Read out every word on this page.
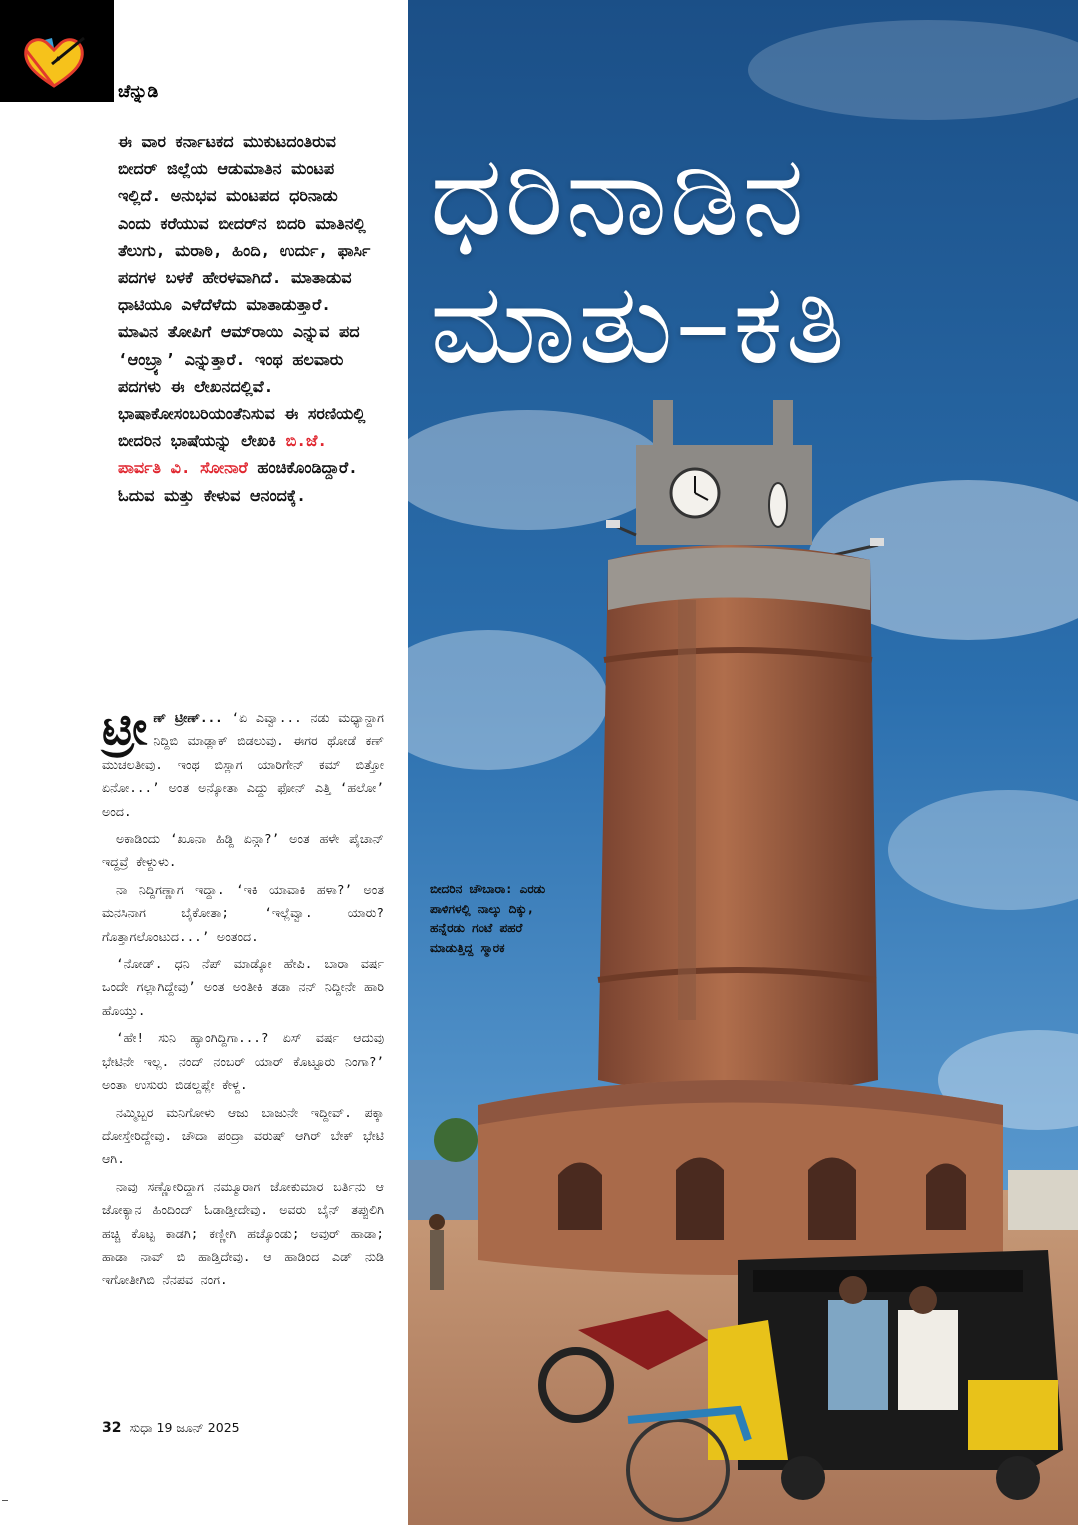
ಚೆನ್ನುಡಿ

ಈ ವಾರ ಕರ್ನಾಟಕದ ಮುಕುಟದಂತಿರುವ ಬೀದರ್ ಜಿಲ್ಲೆಯ ಆಡುಮಾತಿನ ಮಂಟಪ ಇಲ್ಲಿದೆ. ಅನುಭವ ಮಂಟಪದ ಧರಿನಾಡು ಎಂದು ಕರೆಯುವ ಬೀದರ್‌ನ ಬಿದರಿ ಮಾತಿನಲ್ಲಿ ತೆಲುಗು, ಮರಾಠಿ, ಹಿಂದಿ, ಉರ್ದು, ಫಾರ್ಸಿ ಪದಗಳ ಬಳಕೆ ಹೇರಳವಾಗಿದೆ. ಮಾತಾಡುವ ಧಾಟಿಯೂ ಎಳೆದೆಳೆದು ಮಾತಾಡುತ್ತಾರೆ. ಮಾವಿನ ತೋಪಿಗೆ ಆಮ್‌ರಾಯಿ ಎನ್ನುವ ಪದ ‘ಆಂಬ್ರ್ಯಾ’ ಎನ್ನುತ್ತಾರೆ. ಇಂಥ ಹಲವಾರು ಪದಗಳು ಈ ಲೇಖನದಲ್ಲಿವೆ. ಭಾಷಾಕೋಸಂಬರಿಯಂತೆನಿಸುವ ಈ ಸರಣಿಯಲ್ಲಿ ಬೀದರಿನ ಭಾಷೆಯನ್ನು ಲೇಖಕಿ ಬಿ.ಜೆ. ಪಾರ್ವತಿ ವಿ. ಸೋನಾರೆ ಹಂಚಿಕೊಂಡಿದ್ದಾರೆ. ಓದುವ ಮತ್ತು ಕೇಳುವ ಆನಂದಕ್ಕೆ.

ಟ್ರೀ ಣ್ ಟ್ರೀಣ್... ‘ಏ ಎವ್ವಾ... ನಡು ಮಧ್ಯಾನ್ದಾಗ ನಿದ್ದಿಬಿ ಮಾಡ್ಲಾಕ್ ಬಿಡಲುವು. ಈಗರ ಥೋಡೆ ಕಣ್ ಮುಚಲತೀವು. ಇಂಥ ಬಿಸ್ಲಾಗ ಯಾರಿಗೇನ್ ಕಮ್ ಬಿತ್ತೋ ಏನೋ...’ ಅಂತ ಅನ್ಕೋತಾ ಎದ್ದು ಫೋನ್ ಎತ್ತಿ ‘ಹಲೋ’ ಅಂದ.

ಅಕಾಡಿಂದು ‘ಖೂನಾ ಹಿಡ್ದಿ ಏನ್ಗಾ?’ ಅಂತ ಹಳೇ ಪೈಚಾನ್ ಇದ್ದವ್ರೆ ಕೇಳ್ದುಳು.

ನಾ ನಿದ್ದಿಗಣ್ಣಾಗ ಇದ್ದಾ. ‘ಇಕಿ ಯಾವಾಕಿ ಹಳಾ?’ ಅಂತ ಮನಸಿನಾಗ ಬೈಕೋತಾ; ‘ಇಲ್ಲೆವ್ವಾ. ಯಾರು? ಗೊತ್ತಾಗಲೊಂಟುದ...’ ಅಂತಂದ.

‘ನೋಡ್. ಧನಿ ನೆಪ್ ಮಾಡ್ಕೋ ಹೇಪಿ. ಬಾರಾ ವರ್ಷ ಒಂದೇ ಗಲ್ಲಾಗಿದ್ದೇವು’ ಅಂತ ಅಂತೀಕಿ ತಡಾ ನನ್ ನಿದ್ದೀನೇ ಹಾರಿ ಹೊಯ್ತು.

‘ಹೇ! ಸುನಿ ಹ್ಯಾಂಗಿದ್ದಿಗಾ...? ಏಸ್ ವರ್ಷ ಆದುವು ಭೇಟಿನೇ ಇಲ್ಲ. ನಂದ್ ನಂಬರ್ ಯಾರ್ ಕೊಟ್ಟೂರು ನಿಂಗಾ?’ ಅಂತಾ ಉಸುರು ಬಿಡಲ್ದಪ್ಲೇ ಕೇಳ್ದ.

ನಮ್ಮಿಬ್ಬರ ಮನಿಗೋಳು ಆಜು ಬಾಜುನೇ ಇದ್ದೀವ್. ಪಕ್ಕಾ ದೋಸ್ತೇರಿದ್ದೇವು. ಚೌದಾ ಪಂದ್ರಾ ವರುಷ್ ಆಗಿರ್ ಬೇಕ್ ಭೇಟಿ ಆಗಿ.

ನಾವು ಸಣ್ಣೋರಿದ್ದಾಗ ನಮ್ಮೂರಾಗ ಜೋಕುಮಾರ ಬರ್ತಿನು ಆ ಜೋಕ್ಯಾನ ಹಿಂದಿಂದ್ ಓಡಾಡ್ತೀದೇವು. ಅವರು ಬೈನ್ ತಪ್ಪುಲಿಗಿ ಹಚ್ಚಿ ಕೊಟ್ಟ ಕಾಡಗಿ; ಕಣ್ಣೀಗಿ ಹಚ್ಕೊಂಡು; ಅವುರ್ ಹಾಡಾ; ಹಾಡಾ ನಾವ್ ಬಿ ಹಾಡ್ತಿದೇವು. ಆ ಹಾಡಿಂದ ಎಡ್ ನುಡಿ ಇಗೋತೀಗಿಬಿ ನೆನಪವ ನಂಗ.

32 ಸುಧಾ 19 ಜೂನ್ 2025
ಧರಿನಾಡಿನ
ಮಾತು–ಕತಿ
ಬೀದರಿನ ಚೌಬಾರಾ: ಎರಡು ಪಾಳಿಗಳಲ್ಲಿ ನಾಲ್ಕು ದಿಕ್ಕು, ಹನ್ನೆರಡು ಗಂಟೆ ಪಹರೆ ಮಾಡುತ್ತಿದ್ದ ಸ್ಮಾರಕ
